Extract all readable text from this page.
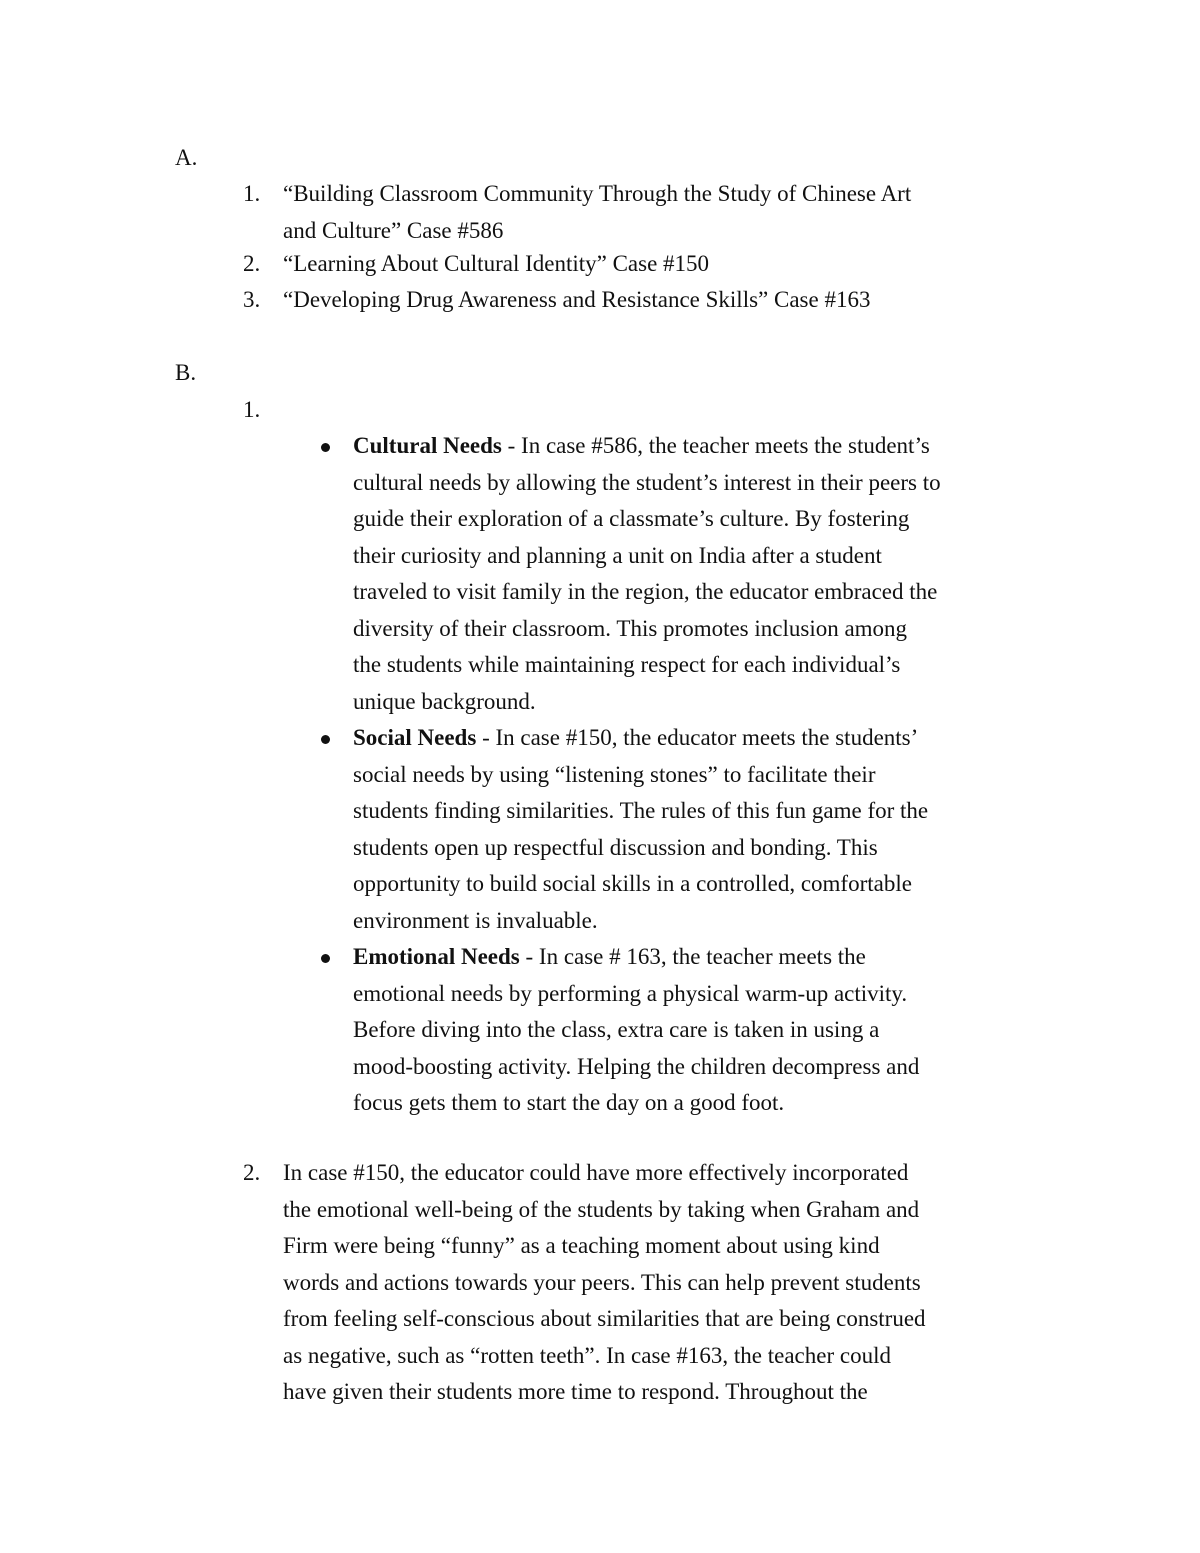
A.
1. “Building Classroom Community Through the Study of Chinese Art
and Culture” Case #586
2. “Learning About Cultural Identity” Case #150
3. “Developing Drug Awareness and Resistance Skills” Case #163
B.
1.
Cultural Needs - In case #586, the teacher meets the student’s
cultural needs by allowing the student’s interest in their peers to
guide their exploration of a classmate’s culture. By fostering
their curiosity and planning a unit on India after a student
traveled to visit family in the region, the educator embraced the
diversity of their classroom. This promotes inclusion among
the students while maintaining respect for each individual’s
unique background.
Social Needs - In case #150, the educator meets the students’
social needs by using “listening stones” to facilitate their
students finding similarities. The rules of this fun game for the
students open up respectful discussion and bonding. This
opportunity to build social skills in a controlled, comfortable
environment is invaluable.
Emotional Needs - In case # 163, the teacher meets the
emotional needs by performing a physical warm-up activity.
Before diving into the class, extra care is taken in using a
mood-boosting activity. Helping the children decompress and
focus gets them to start the day on a good foot.
2. In case #150, the educator could have more effectively incorporated
the emotional well-being of the students by taking when Graham and
Firm were being “funny” as a teaching moment about using kind
words and actions towards your peers. This can help prevent students
from feeling self-conscious about similarities that are being construed
as negative, such as “rotten teeth”. In case #163, the teacher could
have given their students more time to respond. Throughout the
